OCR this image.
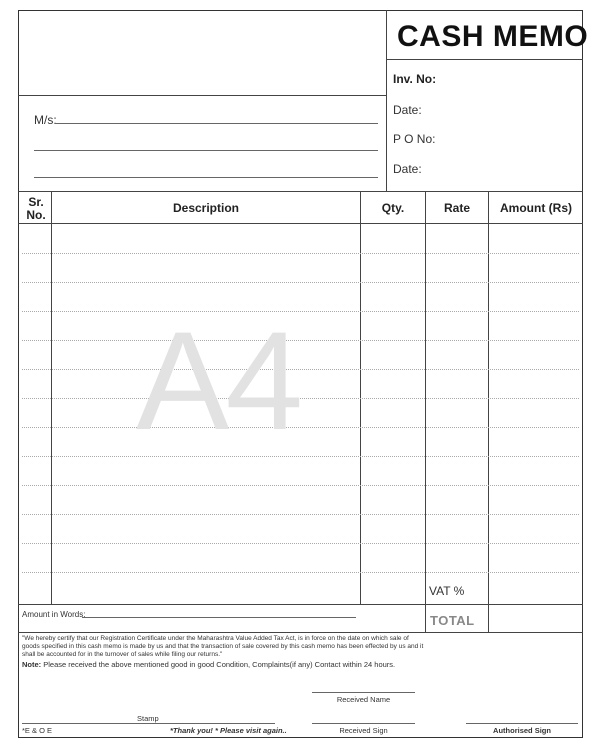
CASH MEMO
Inv. No:
Date:
P O No:
Date:
M/s:
Sr. No.	Description	Qty.	Rate	Amount (Rs)
A4
VAT %
Amount in Words:	TOTAL
"We hereby certify that our Registration Certificate under the Maharashtra Value Added Tax Act, is in force on the date on which sale of goods specified in this cash memo is made by us and that the transaction of sale covered by this cash memo has been effected by us and it shall be accounted for in the turnover of sales while filing our returns."
Note: Please received the above mentioned good in good Condition, Complaints(if any) Contact within 24 hours.
Received Name
Stamp
*E & O E	*Thank you! * Please visit again..	Received Sign	Authorised Sign
